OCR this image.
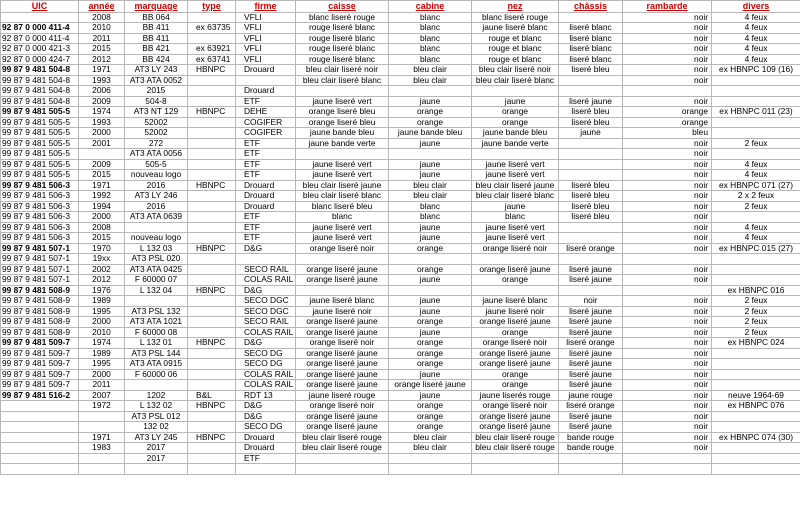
UIC	année	marquage	type	firme	caisse	cabine	nez	châssis	rambarde	divers
	2008	BB 064		VFLI	blanc liseré rouge	blanc	blanc liseré rouge		noir	4 feux
92 87 0 000 411-4	2010	BB 411	ex 63735	VFLI	rouge liseré blanc	blanc	jaune liseré blanc	liseré blanc	noir	4 feux
92 87 0 000 411-4	2011	BB 411		VFLI	rouge liseré blanc	blanc	rouge et blanc	liseré blanc	noir	4 feux
92 87 0 000 421-3	2015	BB 421	ex 63921	VFLI	rouge liseré blanc	blanc	rouge et blanc	liseré blanc	noir	4 feux
92 87 0 000 424-7	2012	BB 424	ex 63741	VFLI	rouge liseré blanc	blanc	rouge et blanc	liseré blanc	noir	4 feux
99 87 9 481 504-8	1971	AT3 LY 243	HBNPC	Drouard	bleu clair liseré noir	bleu clair	bleu clair liseré noir	liseré bleu	noir	ex HBNPC 109 (16)
99 87 9 481 504-8	1993	AT3 ATA 0052			bleu clair liseré blanc	bleu clair	bleu clair liseré blanc		noir	
99 87 9 481 504-8	2006	2015		Drouard						
99 87 9 481 504-8	2009	504-8		ETF	jaune liseré vert	jaune	jaune	liseré jaune	noir	
99 87 9 481 505-5	1974	AT3 NT 129	HBNPC	DEHE	orange liseré bleu	orange	orange	liseré bleu	orange	ex HBNPC 011 (23)
99 87 9 481 505-5	1993	52002		COGIFER	orange liseré bleu	orange	orange	liseré bleu	orange	
99 87 9 481 505-5	2000	52002		COGIFER	jaune bande bleu	jaune bande bleu	jaune bande bleu	jaune	bleu	
99 87 9 481 505-5	2001	272		ETF	jaune bande verte	jaune	jaune bande verte		noir	2 feux
99 87 9 481 505-5		AT3 ATA 0056		ETF					noir	
99 87 9 481 505-5	2009	505-5		ETF	jaune liseré vert	jaune	jaune liseré vert		noir	4 feux
99 87 9 481 505-5	2015	nouveau logo		ETF	jaune liseré vert	jaune	jaune liseré vert		noir	4 feux
99 87 9 481 506-3	1971	2016	HBNPC	Drouard	bleu clair liseré jaune	bleu clair	bleu clair liseré jaune	liseré bleu	noir	ex HBNPC 071 (27)
99 87 9 481 506-3	1992	AT3 LY 246		Drouard	bleu clair liseré blanc	bleu clair	bleu clair liseré blanc	liseré bleu	noir	2 x 2 feux
99 87 9 481 506-3	1994	2016		Drouard	blanc liseré bleu	blanc	jaune	liseré bleu	noir	2 feux
99 87 9 481 506-3	2000	AT3 ATA 0639		ETF	blanc	blanc	blanc	liseré bleu	noir	
99 87 9 481 506-3	2008			ETF	jaune liseré vert	jaune	jaune liseré vert		noir	4 feux
99 87 9 481 506-3	2015	nouveau logo		ETF	jaune liseré vert	jaune	jaune liseré vert		noir	4 feux
99 87 9 481 507-1	1970	L 132 03	HBNPC	D&G	orange liseré noir	orange	orange liseré noir	liseré orange	noir	ex HBNPC 015 (27)
99 87 9 481 507-1	19xx	AT3 PSL 020								
99 87 9 481 507-1	2002	AT3 ATA 0425		SECO RAIL	orange liseré jaune	orange	orange liseré jaune	liseré jaune	noir	
99 87 9 481 507-1	2012	F 60000 07		COLAS RAIL	orange liseré jaune	jaune	orange	liseré jaune	noir	
99 87 9 481 508-9	1976	L 132 04	HBNPC	D&G						ex HBNPC 016
99 87 9 481 508-9	1989			SECO DGC	jaune liseré blanc	jaune	jaune liseré blanc	noir	noir	2 feux
99 87 9 481 508-9	1995	AT3 PSL 132		SECO DGC	jaune liseré noir	jaune	jaune liseré noir	liseré jaune	noir	2 feux
99 87 9 481 508-9	2000	AT3 ATA 1021		SECO RAIL	orange liseré jaune	orange	orange liseré jaune	liseré jaune	noir	2 feux
99 87 9 481 508-9	2010	F 60000 08		COLAS RAIL	orange liseré jaune	jaune	orange	liseré jaune	noir	2 feux
99 87 9 481 509-7	1974	L 132 01	HBNPC	D&G	orange liseré noir	orange	orange liseré noir	liseré orange	noir	ex HBNPC 024
99 87 9 481 509-7	1989	AT3 PSL 144		SECO DG	orange liseré jaune	orange	orange liseré jaune	liseré jaune	noir	
99 87 9 481 509-7	1995	AT3 ATA 0915		SECO DG	orange liseré jaune	orange	orange liseré jaune	liseré jaune	noir	
99 87 9 481 509-7	2000	F 60000 06		COLAS RAIL	orange liseré jaune	jaune	orange	liseré jaune	noir	
99 87 9 481 509-7	2011			COLAS RAIL	orange liseré jaune	orange liseré jaune	orange	liseré jaune	noir	
99 87 9 481 516-2	2007	1202	B&L	RDT 13	jaune liseré rouge	jaune	jaune liserés rouge	jaune rouge	noir	neuve 1964-69
	1972	L 132 02	HBNPC	D&G	orange liseré noir	orange	orange liseré noir	liseré orange	noir	ex HBNPC 076
		AT3 PSL 012		D&G	orange liseré jaune	orange	orange liseré jaune	liseré jaune	noir	
		132 02		SECO DG	orange liseré jaune	orange	orange liseré jaune	liseré jaune	noir	
	1971	AT3 LY 245	HBNPC	Drouard	bleu clair liseré rouge	bleu clair	bleu clair liseré rouge	bande rouge	noir	ex HBNPC 074 (30)
	1983	2017		Drouard	bleu clair liseré rouge	bleu clair	bleu clair liseré rouge	bande rouge	noir	
		2017		ETF						
